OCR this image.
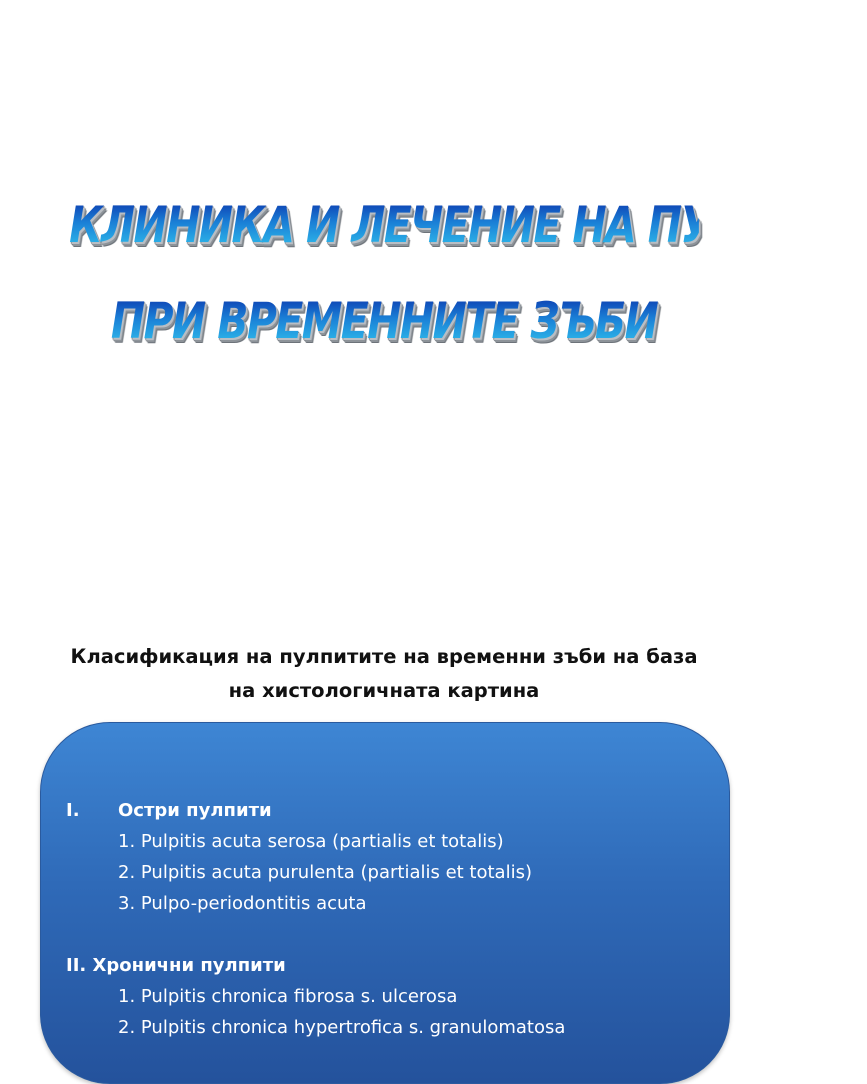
КЛИНИКА И ЛЕЧЕНИЕ НА ПУЛПИТИ
ПРИ ВРЕМЕННИТЕ ЗЪБИ
Класификация на пулпитите на временни зъби на база
на хистологичната картина
I. Остри пулпити
1. Pulpitis acuta serosa (partialis et totalis)
2. Pulpitis acuta purulenta (partialis et totalis)
3. Pulpo-periodontitis acuta
II. Хронични пулпити
1. Pulpitis chronica fibrosa s. ulcerosa
2. Pulpitis chronica hypertrofica s. granulomatosa
